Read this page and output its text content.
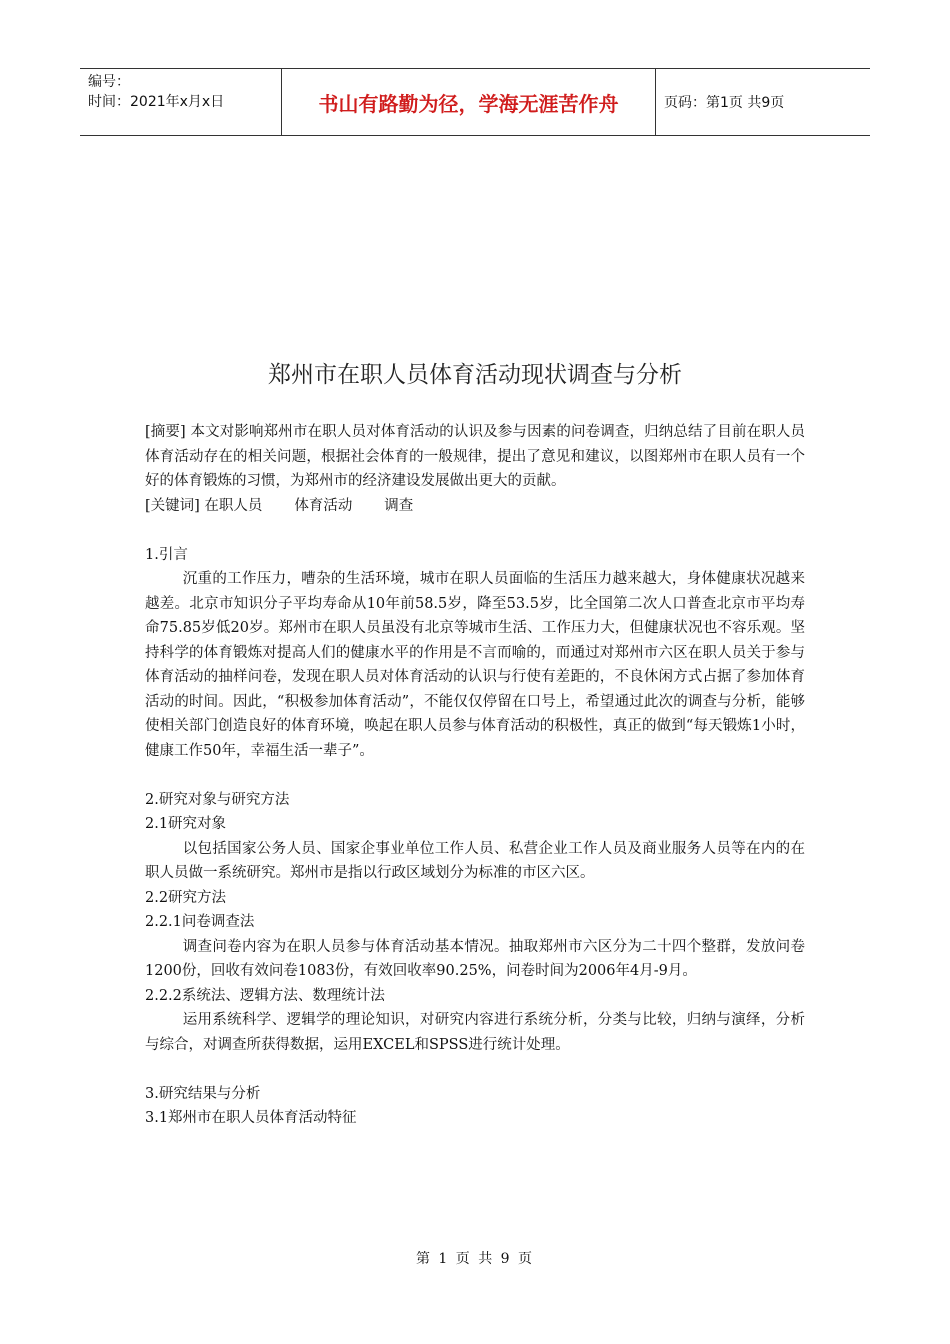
编号：
时间：2021年x月x日	书山有路勤为径，学海无涯苦作舟	页码：第1页 共9页
郑州市在职人员体育活动现状调查与分析

[摘要] 本文对影响郑州市在职人员对体育活动的认识及参与因素的问卷调查，归纳总结了目前在职人员体育活动存在的相关问题，根据社会体育的一般规律，提出了意见和建议，以图郑州市在职人员有一个好的体育锻炼的习惯，为郑州市的经济建设发展做出更大的贡献。

[关键词] 在职人员 体育活动 调查

1.引言

沉重的工作压力，嘈杂的生活环境，城市在职人员面临的生活压力越来越大，身体健康状况越来越差。北京市知识分子平均寿命从10年前58.5岁，降至53.5岁，比全国第二次人口普查北京市平均寿命75.85岁低20岁。郑州市在职人员虽没有北京等城市生活、工作压力大，但健康状况也不容乐观。坚持科学的体育锻炼对提高人们的健康水平的作用是不言而喻的，而通过对郑州市六区在职人员关于参与体育活动的抽样问卷，发现在职人员对体育活动的认识与行使有差距的，不良休闲方式占据了参加体育活动的时间。因此，“积极参加体育活动”，不能仅仅停留在口号上，希望通过此次的调查与分析，能够使相关部门创造良好的体育环境，唤起在职人员参与体育活动的积极性，真正的做到“每天锻炼1小时，健康工作50年，幸福生活一辈子”。

2.研究对象与研究方法

2.1研究对象

以包括国家公务人员、国家企事业单位工作人员、私营企业工作人员及商业服务人员等在内的在职人员做一系统研究。郑州市是指以行政区域划分为标准的市区六区。

2.2研究方法

2.2.1问卷调查法

调查问卷内容为在职人员参与体育活动基本情况。抽取郑州市六区分为二十四个整群，发放问卷1200份，回收有效问卷1083份，有效回收率90.25%，问卷时间为2006年4月-9月。

2.2.2系统法、逻辑方法、数理统计法

运用系统科学、逻辑学的理论知识，对研究内容进行系统分析，分类与比较，归纳与演绎，分析与综合，对调查所获得数据，运用EXCEL和SPSS进行统计处理。

3.研究结果与分析

3.1郑州市在职人员体育活动特征

第 1 页 共 9 页
